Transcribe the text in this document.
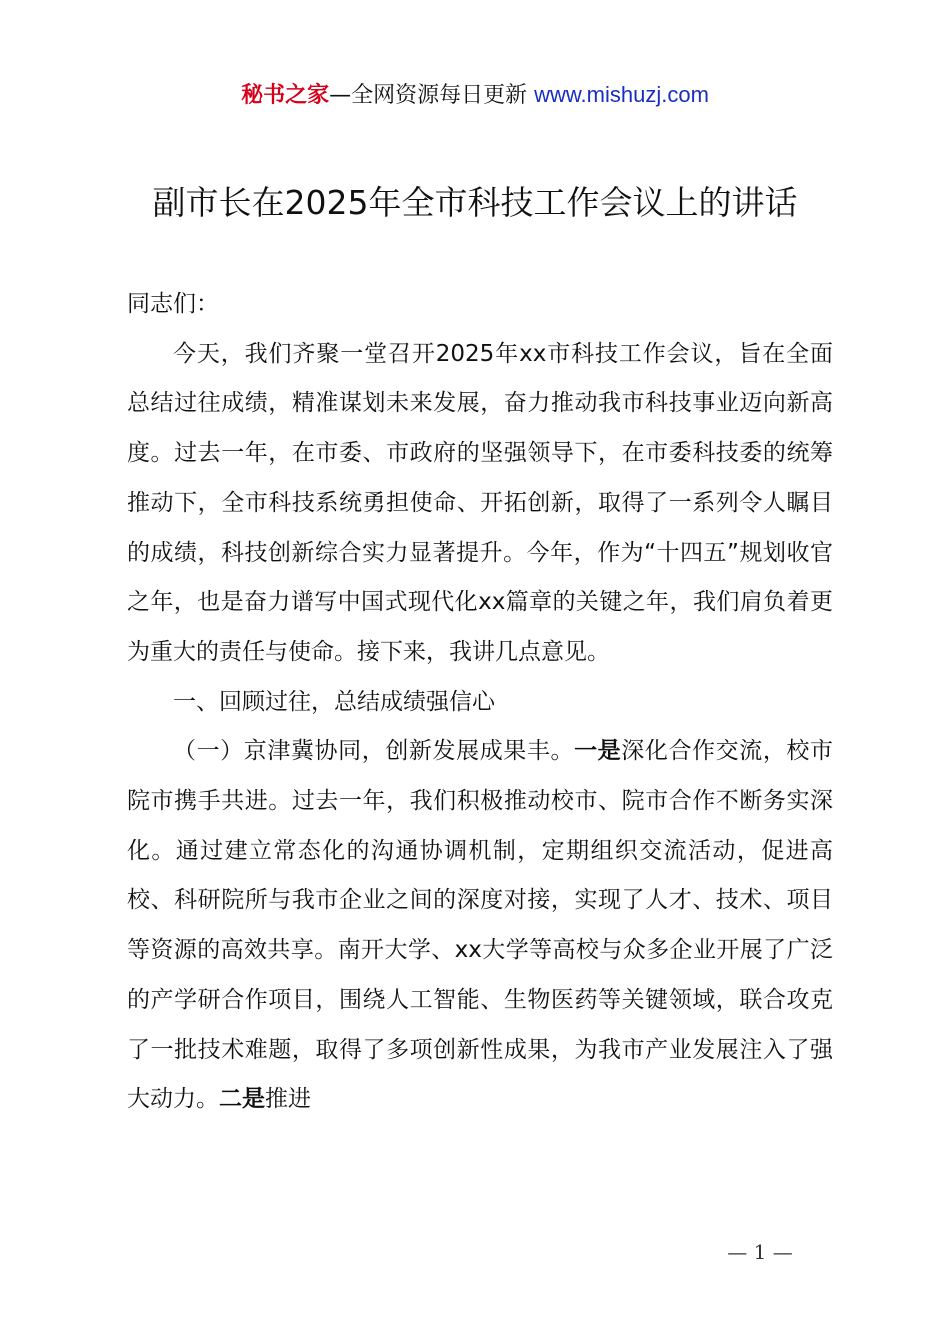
秘书之家—全网资源每日更新 www.mishuzj.com
副市长在2025年全市科技工作会议上的讲话

同志们：

今天，我们齐聚一堂召开2025年xx市科技工作会议，旨在全面总结过往成绩，精准谋划未来发展，奋力推动我市科技事业迈向新高度。过去一年，在市委、市政府的坚强领导下，在市委科技委的统筹推动下，全市科技系统勇担使命、开拓创新，取得了一系列令人瞩目的成绩，科技创新综合实力显著提升。今年，作为“十四五”规划收官之年，也是奋力谱写中国式现代化xx篇章的关键之年，我们肩负着更为重大的责任与使命。接下来，我讲几点意见。

一、回顾过往，总结成绩强信心

（一）京津冀协同，创新发展成果丰。一是深化合作交流，校市院市携手共进。过去一年，我们积极推动校市、院市合作不断务实深化。通过建立常态化的沟通协调机制，定期组织交流活动，促进高校、科研院所与我市企业之间的深度对接，实现了人才、技术、项目等资源的高效共享。南开大学、xx大学等高校与众多企业开展了广泛的产学研合作项目，围绕人工智能、生物医药等关键领域，联合攻克了一批技术难题，取得了多项创新性成果，为我市产业发展注入了强大动力。二是推进

— 1 —
